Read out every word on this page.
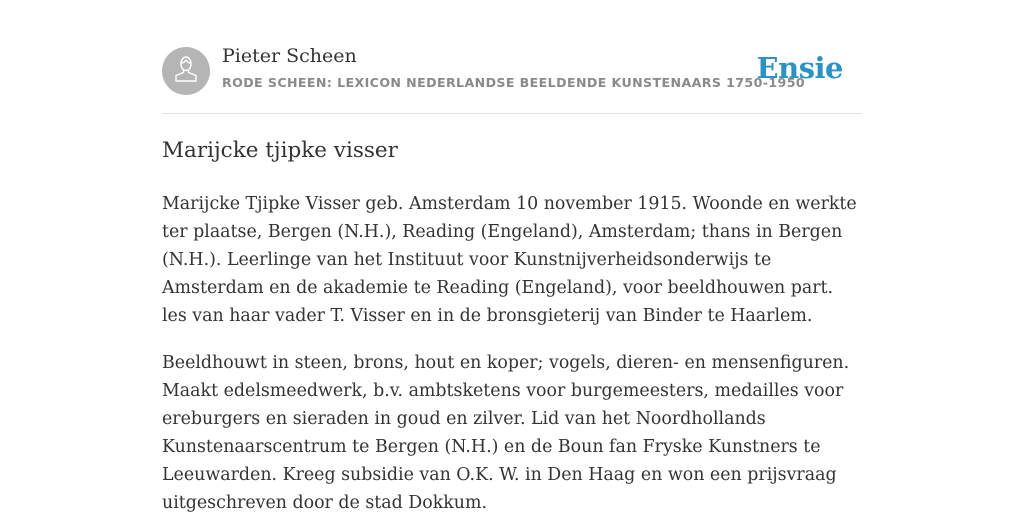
Pieter Scheen
RODE SCHEEN: LEXICON NEDERLANDSE BEELDENDE KUNSTENAARS 1750-1950
Ensie
Marijcke tjipke visser

Marijcke Tjipke Visser geb. Amsterdam 10 november 1915. Woonde en werkte ter plaatse, Bergen (N.H.), Reading (Engeland), Amsterdam; thans in Bergen (N.H.). Leerlinge van het Instituut voor Kunstnijverheidsonderwijs te Amsterdam en de akademie te Reading (Engeland), voor beeldhouwen part. les van haar vader T. Visser en in de bronsgieterij van Binder te Haarlem.

Beeldhouwt in steen, brons, hout en koper; vogels, dieren- en mensenfiguren. Maakt edelsmeedwerk, b.v. ambtsketens voor burgemeesters, medailles voor ereburgers en sieraden in goud en zilver. Lid van het Noordhollands Kunstenaarscentrum te Bergen (N.H.) en de Boun fan Fryske Kunstners te Leeuwarden. Kreeg subsidie van O.K. W. in Den Haag en won een prijsvraag uitgeschreven door de stad Dokkum.
